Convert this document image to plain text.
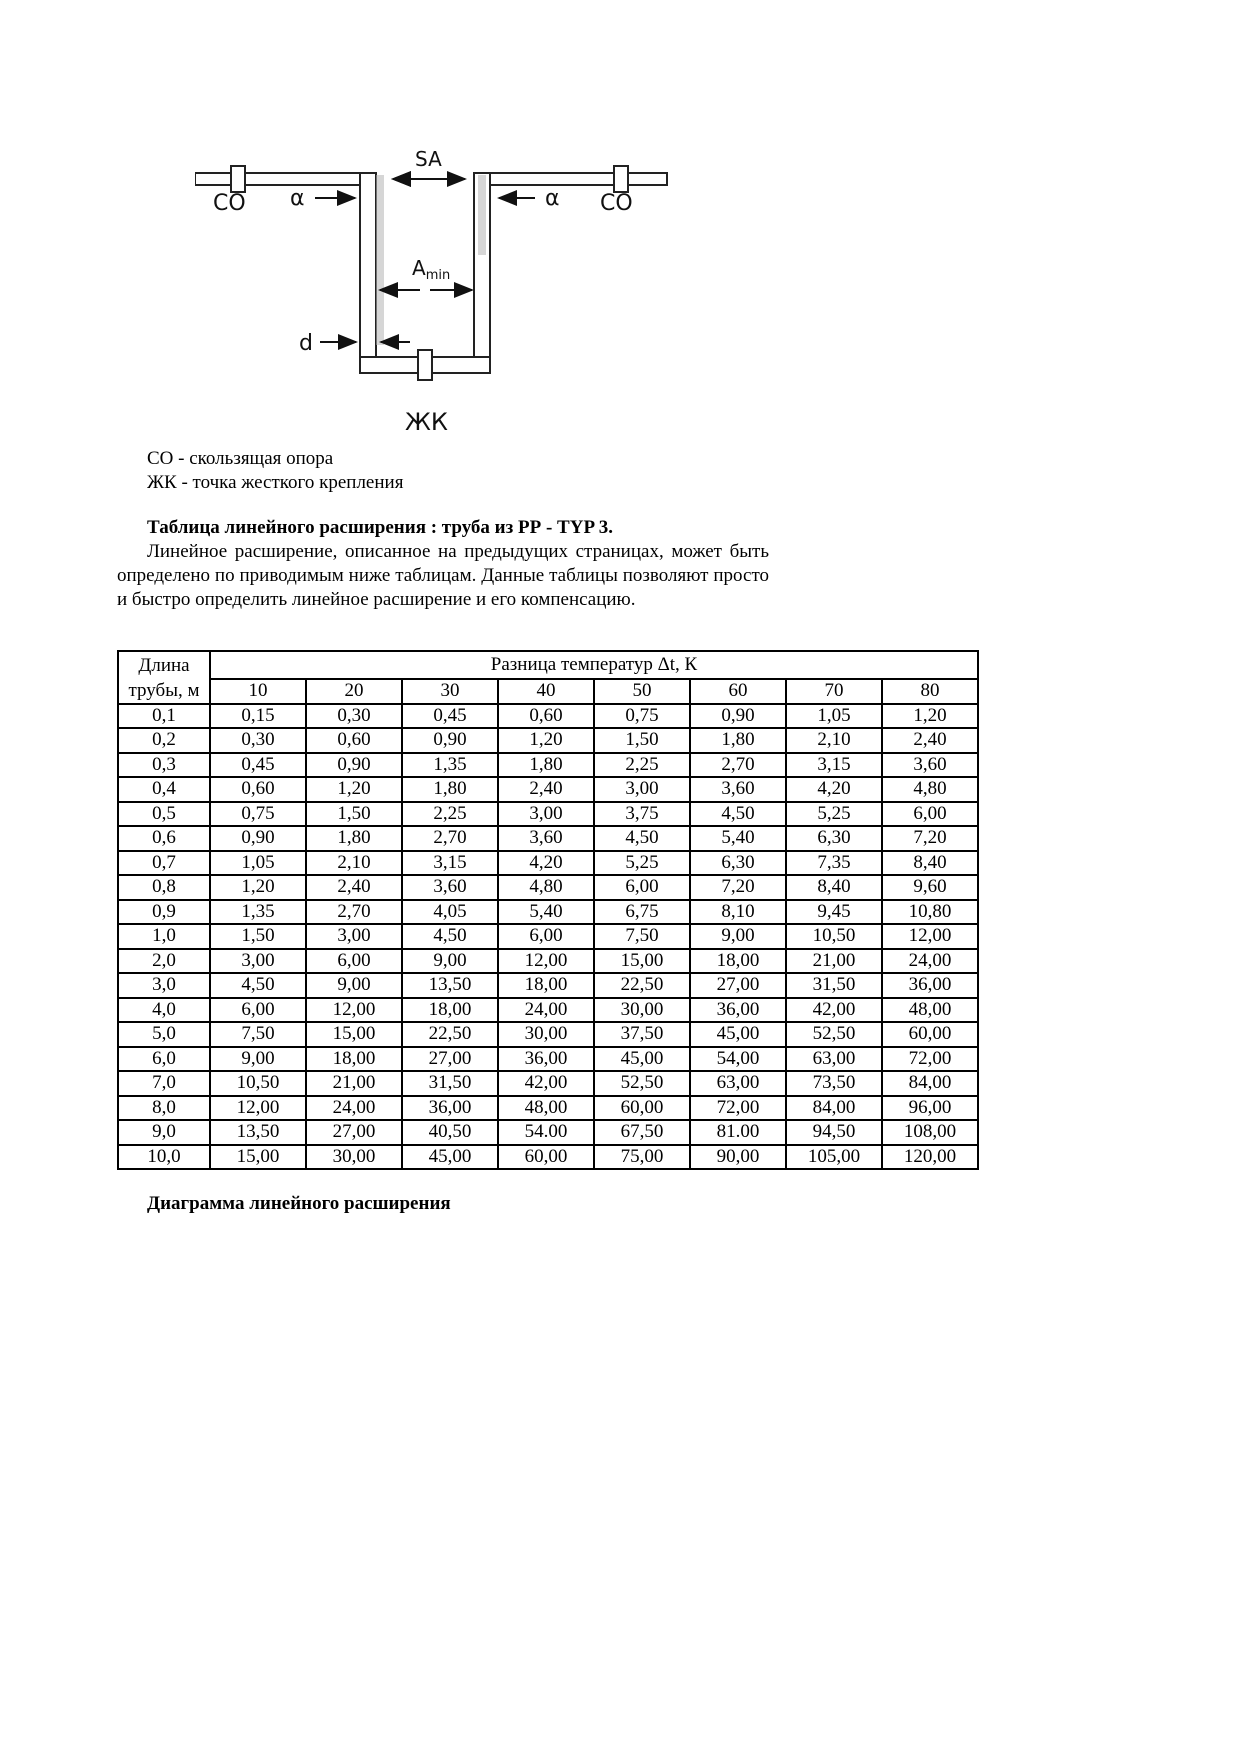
SA
CO	CO
α	α
$A_{min}$
d
ЖК
СО - скользящая опора
ЖК - точка жесткого крепления
Таблица линейного расширения : труба из РР - TYP 3.

Линейное расширение, описанное на предыдущих страницах, может быть определено по приводимым ниже таблицам. Данные таблицы позволяют просто и быстро определить линейное расширение и его компенсацию.

Длина	Разница температур Δt, К							
трубы, м	10	20	30	40	50	60	70	80
0,1	0,15	0,30	0,45	0,60	0,75	0,90	1,05	1,20
0,2	0,30	0,60	0,90	1,20	1,50	1,80	2,10	2,40
0,3	0,45	0,90	1,35	1,80	2,25	2,70	3,15	3,60
0,4	0,60	1,20	1,80	2,40	3,00	3,60	4,20	4,80
0,5	0,75	1,50	2,25	3,00	3,75	4,50	5,25	6,00
0,6	0,90	1,80	2,70	3,60	4,50	5,40	6,30	7,20
0,7	1,05	2,10	3,15	4,20	5,25	6,30	7,35	8,40
0,8	1,20	2,40	3,60	4,80	6,00	7,20	8,40	9,60
0,9	1,35	2,70	4,05	5,40	6,75	8,10	9,45	10,80
1,0	1,50	3,00	4,50	6,00	7,50	9,00	10,50	12,00
2,0	3,00	6,00	9,00	12,00	15,00	18,00	21,00	24,00
3,0	4,50	9,00	13,50	18,00	22,50	27,00	31,50	36,00
4,0	6,00	12,00	18,00	24,00	30,00	36,00	42,00	48,00
5,0	7,50	15,00	22,50	30,00	37,50	45,00	52,50	60,00
6,0	9,00	18,00	27,00	36,00	45,00	54,00	63,00	72,00
7,0	10,50	21,00	31,50	42,00	52,50	63,00	73,50	84,00
8,0	12,00	24,00	36,00	48,00	60,00	72,00	84,00	96,00
9,0	13,50	27,00	40,50	54.00	67,50	81.00	94,50	108,00
10,0	15,00	30,00	45,00	60,00	75,00	90,00	105,00	120,00
Диаграмма линейного расширения
